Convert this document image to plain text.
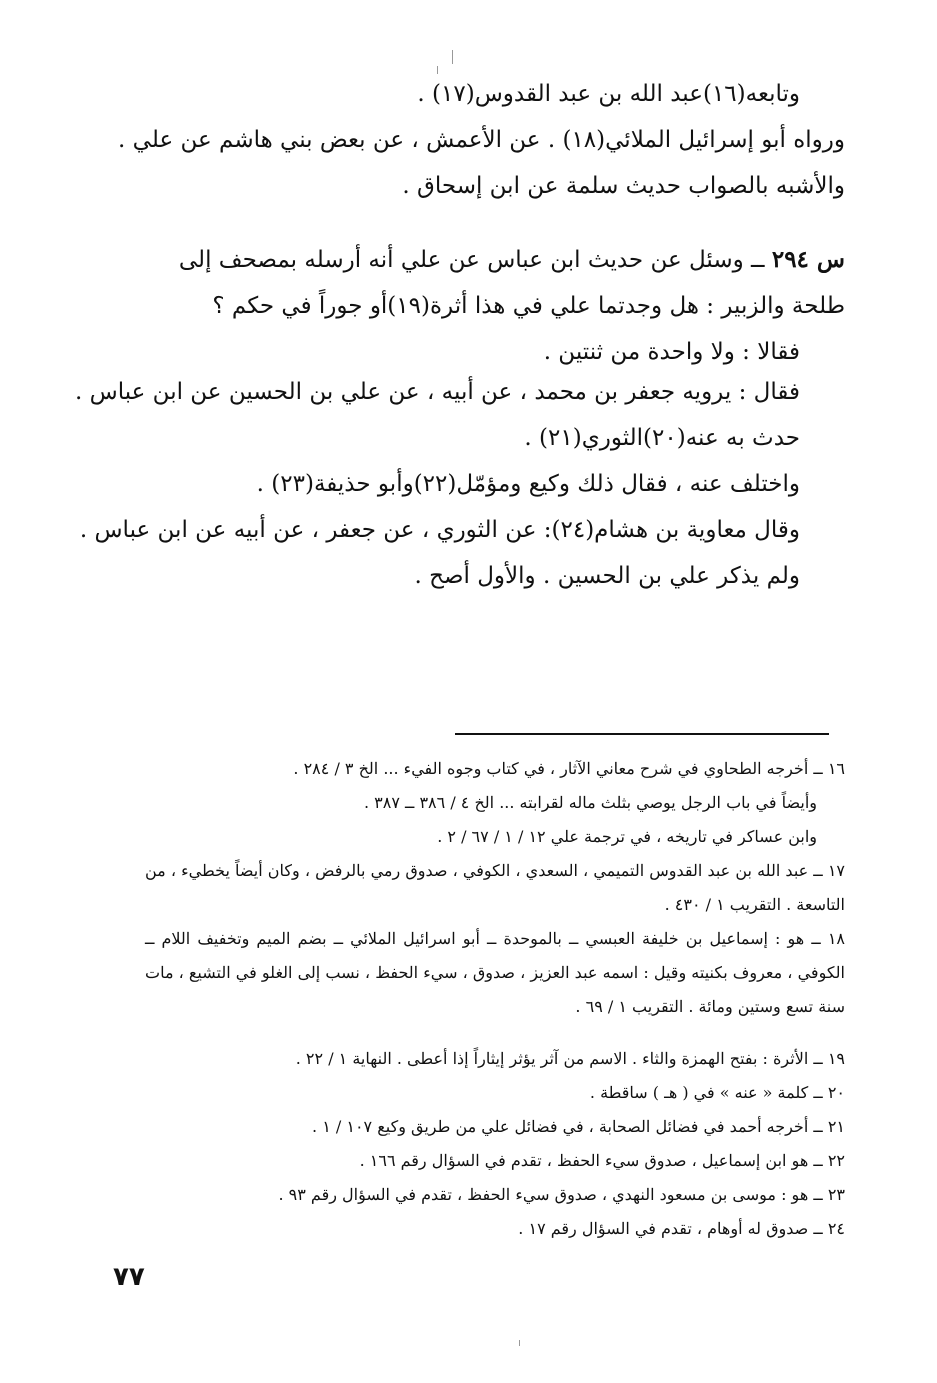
وتابعه(١٦)عبد الله بن عبد القدوس(١٧) .

ورواه أبو إسرائيل الملائي(١٨) . عن الأعمش ، عن بعض بني هاشم عن علي .

والأشبه بالصواب حديث سلمة عن ابن إسحاق .

س ٢٩٤ ــ وسئل عن حديث ابن عباس عن علي أنه أرسله بمصحف إلى

طلحة والزبير : هل وجدتما علي في هذا أثرة(١٩)أو جوراً في حكم ؟

فقالا : ولا واحدة من ثنتين .

فقال : يرويه جعفر بن محمد ، عن أبيه ، عن علي بن الحسين عن ابن عباس .

حدث به عنه(٢٠)الثوري(٢١) .

واختلف عنه ، فقال ذلك وكيع ومؤمّل(٢٢)وأبو حذيفة(٢٣) .

وقال معاوية بن هشام(٢٤): عن الثوري ، عن جعفر ، عن أبيه عن ابن عباس .

ولم يذكر علي بن الحسين . والأول أصح .

١٦ ــ أخرجه الطحاوي في شرح معاني الآثار ، في كتاب وجوه الفيء ... الخ ٣ / ٢٨٤ .

وأيضاً في باب الرجل يوصي بثلث ماله لقرابته ... الخ ٤ / ٣٨٦ ــ ٣٨٧ .

وابن عساكر في تاريخه ، في ترجمة علي ١٢ / ١ / ٦٧ / ٢ .

١٧ ــ عبد الله بن عبد القدوس التميمي ، السعدي ، الكوفي ، صدوق رمي بالرفض ، وكان أيضاً يخطيء ، من التاسعة . التقريب ١ / ٤٣٠ .

١٨ ــ هو : إسماعيل بن خليفة العبسي ــ بالموحدة ــ أبو اسرائيل الملائي ــ بضم الميم وتخفيف اللام ــ الكوفي ، معروف بكنيته وقيل : اسمه عبد العزيز ، صدوق ، سيء الحفظ ، نسب إلى الغلو في التشيع ، مات سنة تسع وستين ومائة . التقريب ١ / ٦٩ .

١٩ ــ الأثرة : بفتح الهمزة والثاء . الاسم من آثر يؤثر إيثاراً إذا أعطى . النهاية ١ / ٢٢ .

٢٠ ــ كلمة « عنه » في ( هـ ) ساقطة .

٢١ ــ أخرجه أحمد في فضائل الصحابة ، في فضائل علي من طريق وكيع ١٠٧ / ١ .

٢٢ ــ هو ابن إسماعيل ، صدوق سيء الحفظ ، تقدم في السؤال رقم ١٦٦ .

٢٣ ــ هو : موسى بن مسعود النهدي ، صدوق سيء الحفظ ، تقدم في السؤال رقم ٩٣ .

٢٤ ــ صدوق له أوهام ، تقدم في السؤال رقم ١٧ .

٧٧
